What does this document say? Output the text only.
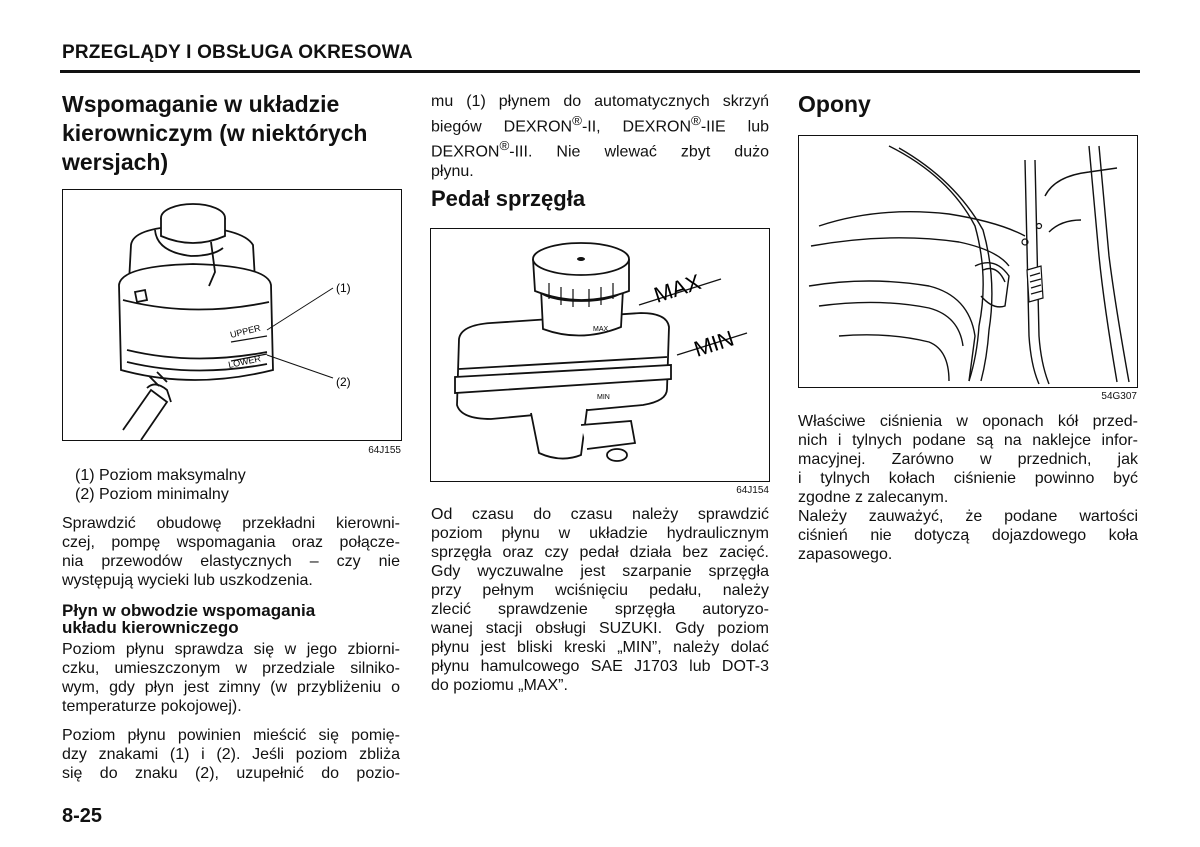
PRZEGLĄDY I OBSŁUGA OKRESOWA
Wspomaganie w układzie
kierowniczym (w niektórych
wersjach)
UPPER
LOWER
(1)
(2)
64J155
(1) Poziom maksymalny
(2) Poziom minimalny
Sprawdzić obudowę przekładni kierowni-
czej, pompę wspomagania oraz połącze-
nia przewodów elastycznych – czy nie
występują wycieki lub uszkodzenia.
Płyn w obwodzie wspomagania
układu kierowniczego
Poziom płynu sprawdza się w jego zbiorni-
czku, umieszczonym w przedziale silniko-
wym, gdy płyn jest zimny (w przybliżeniu o
temperaturze pokojowej).
Poziom płynu powinien mieścić się pomię-
dzy znakami (1) i (2). Jeśli poziom zbliża
się do znaku (2), uzupełnić do pozio-
8-25
mu (1) płynem do automatycznych skrzyń
biegów DEXRON®-II, DEXRON®-IIE lub
DEXRON®-III. Nie wlewać zbyt dużo
płynu.
Pedał sprzęgła
MAX
MIN
MAX
MIN
64J154
Od czasu do czasu należy sprawdzić
poziom płynu w układzie hydraulicznym
sprzęgła oraz czy pedał działa bez zacięć.
Gdy wyczuwalne jest szarpanie sprzęgła
przy pełnym wciśnięciu pedału, należy
zlecić sprawdzenie sprzęgła autoryzo-
wanej stacji obsługi SUZUKI. Gdy poziom
płynu jest bliski kreski „MIN”, należy dolać
płynu hamulcowego SAE J1703 lub DOT-3
do poziomu „MAX”.
Opony
54G307
Właściwe ciśnienia w oponach kół przed-
nich i tylnych podane są na naklejce infor-
macyjnej. Zarówno w przednich, jak
i tylnych kołach ciśnienie powinno być
zgodne z zalecanym.
Należy zauważyć, że podane wartości
ciśnień nie dotyczą dojazdowego koła
zapasowego.
